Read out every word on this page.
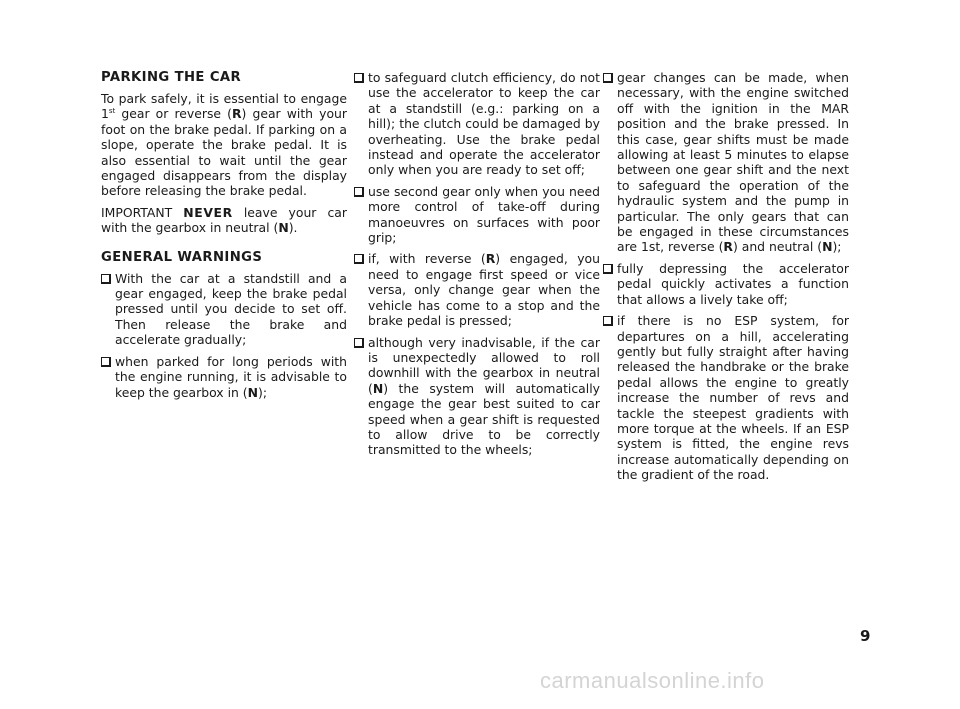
PARKING THE CAR

To park safely, it is essential to engage 1st gear or reverse (R) gear with your foot on the brake pedal. If parking on a slope, operate the brake pedal. It is also essential to wait until the gear engaged disappears from the display before releasing the brake pedal.

IMPORTANT NEVER leave your car with the gearbox in neutral (N).

GENERAL WARNINGS
With the car at a standstill and a gear engaged, keep the brake pedal pressed until you decide to set off. Then release the brake and accelerate gradually;
when parked for long periods with the engine running, it is advisable to keep the gearbox in (N);
to safeguard clutch efficiency, do not use the accelerator to keep the car at a standstill (e.g.: parking on a hill); the clutch could be damaged by overheating. Use the brake pedal instead and operate the accelerator only when you are ready to set off;
use second gear only when you need more control of take-off during manoeuvres on surfaces with poor grip;
if, with reverse (R) engaged, you need to engage first speed or vice versa, only change gear when the vehicle has come to a stop and the brake pedal is pressed;
although very inadvisable, if the car is unexpectedly allowed to roll downhill with the gearbox in neutral (N) the system will automatically engage the gear best suited to car speed when a gear shift is requested to allow drive to be correctly transmitted to the wheels;
gear changes can be made, when necessary, with the engine switched off with the ignition in the MAR position and the brake pressed. In this case, gear shifts must be made allowing at least 5 minutes to elapse between one gear shift and the next to safeguard the operation of the hydraulic system and the pump in particular. The only gears that can be engaged in these circumstances are 1st, reverse (R) and neutral (N);
fully depressing the accelerator pedal quickly activates a function that allows a lively take off;
if there is no ESP system, for departures on a hill, accelerating gently but fully straight after having released the handbrake or the brake pedal allows the engine to greatly increase the number of revs and tackle the steepest gradients with more torque at the wheels. If an ESP system is fitted, the engine revs increase automatically depending on the gradient of the road.
9
carmanualsonline.info
